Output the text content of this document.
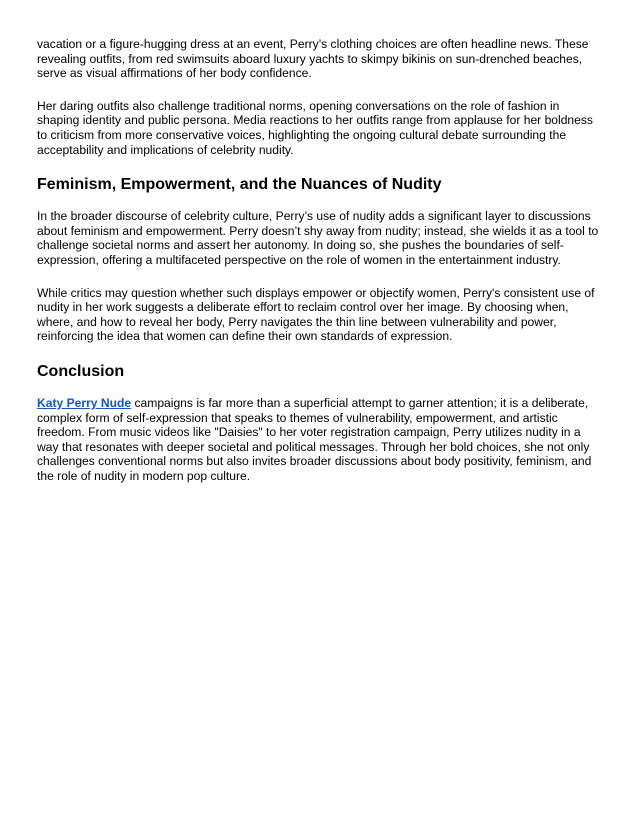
vacation or a figure-hugging dress at an event, Perry’s clothing choices are often headline news. These revealing outfits, from red swimsuits aboard luxury yachts to skimpy bikinis on sun-drenched beaches, serve as visual affirmations of her body confidence.

Her daring outfits also challenge traditional norms, opening conversations on the role of fashion in shaping identity and public persona. Media reactions to her outfits range from applause for her boldness to criticism from more conservative voices, highlighting the ongoing cultural debate surrounding the acceptability and implications of celebrity nudity.

Feminism, Empowerment, and the Nuances of Nudity

In the broader discourse of celebrity culture, Perry’s use of nudity adds a significant layer to discussions about feminism and empowerment. Perry doesn’t shy away from nudity; instead, she wields it as a tool to challenge societal norms and assert her autonomy. In doing so, she pushes the boundaries of self-expression, offering a multifaceted perspective on the role of women in the entertainment industry.

While critics may question whether such displays empower or objectify women, Perry's consistent use of nudity in her work suggests a deliberate effort to reclaim control over her image. By choosing when, where, and how to reveal her body, Perry navigates the thin line between vulnerability and power, reinforcing the idea that women can define their own standards of expression.

Conclusion

Katy Perry Nude campaigns is far more than a superficial attempt to garner attention; it is a deliberate, complex form of self-expression that speaks to themes of vulnerability, empowerment, and artistic freedom. From music videos like "Daisies" to her voter registration campaign, Perry utilizes nudity in a way that resonates with deeper societal and political messages. Through her bold choices, she not only challenges conventional norms but also invites broader discussions about body positivity, feminism, and the role of nudity in modern pop culture.
